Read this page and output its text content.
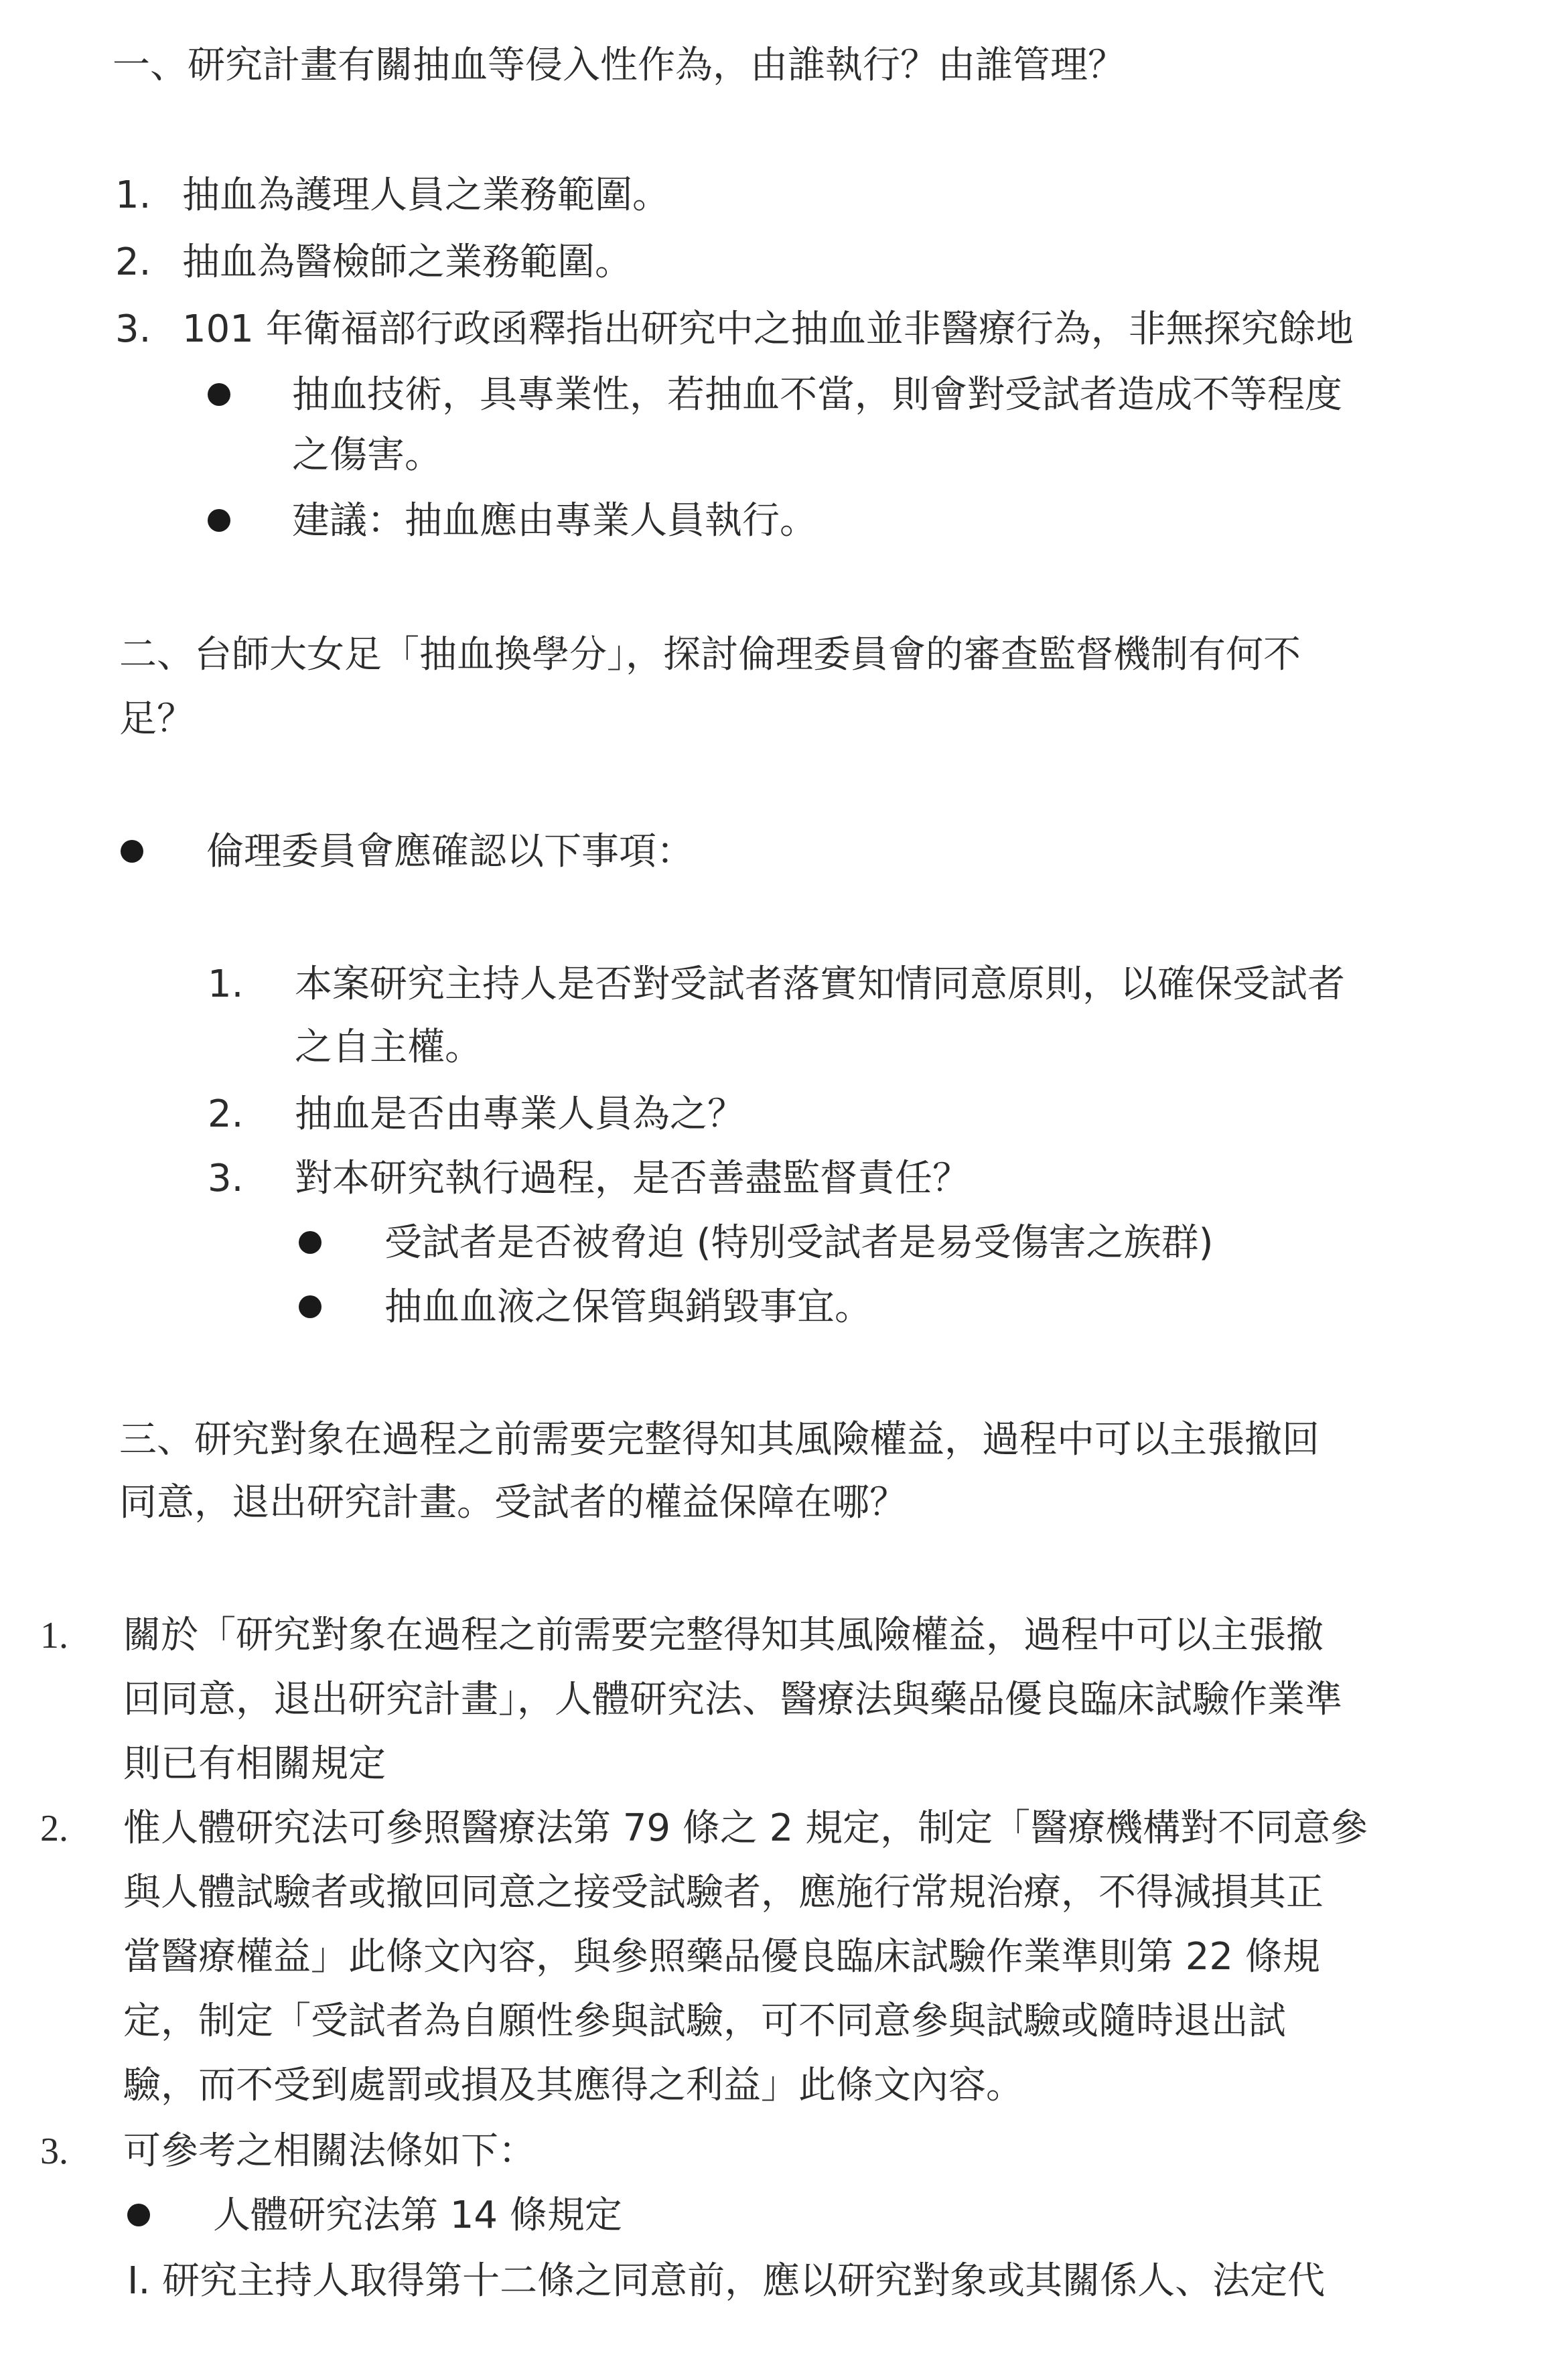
一、研究計畫有關抽血等侵入性作為，由誰執行？由誰管理？
1. 抽血為護理人員之業務範圍。
2. 抽血為醫檢師之業務範圍。
3. 101 年衛福部行政函釋指出研究中之抽血並非醫療行為，非無探究餘地
抽血技術，具專業性，若抽血不當，則會對受試者造成不等程度
之傷害。
建議：抽血應由專業人員執行。
二、台師大女足「抽血換學分」，探討倫理委員會的審查監督機制有何不
足？
倫理委員會應確認以下事項：
1. 本案研究主持人是否對受試者落實知情同意原則，以確保受試者
之自主權。
2. 抽血是否由專業人員為之？
3. 對本研究執行過程，是否善盡監督責任？
受試者是否被脅迫 (特別受試者是易受傷害之族群)
抽血血液之保管與銷毀事宜。
三、研究對象在過程之前需要完整得知其風險權益，過程中可以主張撤回
同意，退出研究計畫。受試者的權益保障在哪？
1. 關於「研究對象在過程之前需要完整得知其風險權益，過程中可以主張撤
回同意，退出研究計畫」，人體研究法、醫療法與藥品優良臨床試驗作業準
則已有相關規定
2. 惟人體研究法可參照醫療法第 79 條之 2 規定，制定「醫療機構對不同意參
與人體試驗者或撤回同意之接受試驗者，應施行常規治療，不得減損其正
當醫療權益」此條文內容，與參照藥品優良臨床試驗作業準則第 22 條規
定，制定「受試者為自願性參與試驗，可不同意參與試驗或隨時退出試
驗，而不受到處罰或損及其應得之利益」此條文內容。
3. 可參考之相關法條如下：
人體研究法第 14 條規定
I. 研究主持人取得第十二條之同意前，應以研究對象或其關係人、法定代
